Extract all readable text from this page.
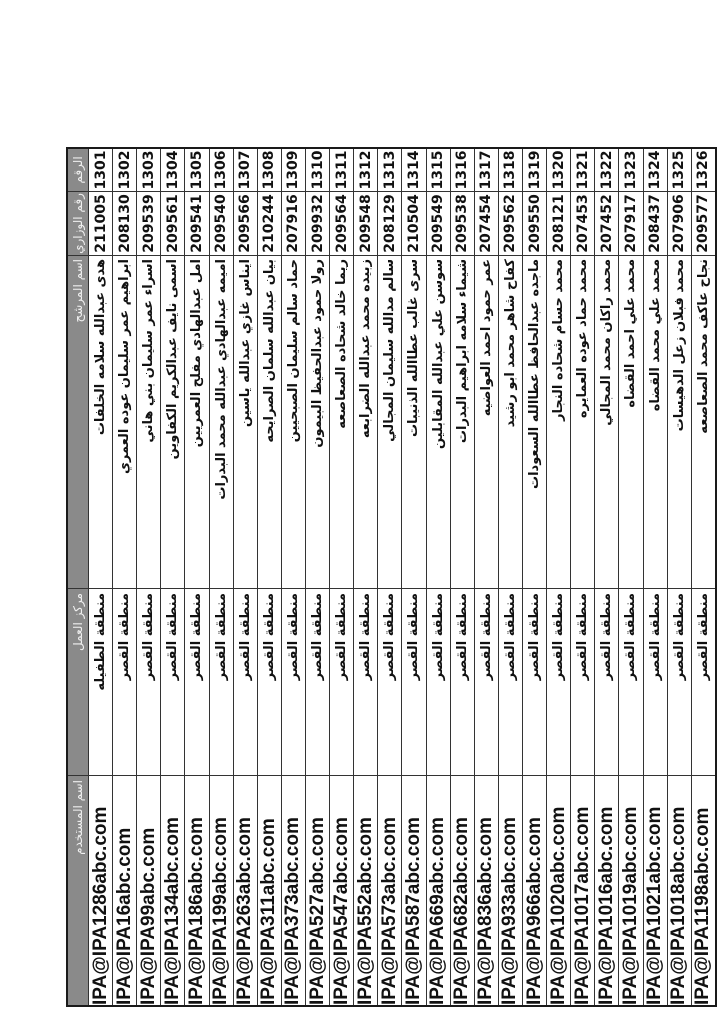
الرقم
رقم الوزاري
اسم المرشح
مركز العمل
اسم المستخدم
1301
211005
هدى عبدالله سلامه الخلفات
منطقة الطفيله
IPA@IPA1286abc.com
1302
208130
ابراهيم عمر سليمان عوده العمري
منطقة القصر
IPA@IPA16abc.com
1303
209539
اسراء عمر سليمان بني هاني
منطقة القصر
IPA@IPA99abc.com
1304
209561
اسمى نايف عبدالكريم الكفاوين
منطقة القصر
IPA@IPA134abc.com
1305
209541
امل عبدالهادي مفلح العمريين
منطقة القصر
IPA@IPA186abc.com
1306
209540
اميمه عبدالهادي عبدالله محمد البدرات
منطقة القصر
IPA@IPA199abc.com
1307
209566
ايناس غازي عبدالله ياسين
منطقة القصر
IPA@IPA263abc.com
1308
210244
بيان عبدالله سلمان الصرايحه
منطقة القصر
IPA@IPA311abc.com
1309
207916
حماد سالم سليمان الصبحيين
منطقة القصر
IPA@IPA373abc.com
1310
209932
رولا حمود عبدالحفيظ البيمون
منطقة القصر
IPA@IPA527abc.com
1311
209564
ريما خالد شحاده الصعاصعه
منطقة القصر
IPA@IPA547abc.com
1312
209548
زبيده محمد عبدالله الضرابعه
منطقة القصر
IPA@IPA552abc.com
1313
208129
سالم مدالله سليمان المجالي
منطقة القصر
IPA@IPA573abc.com
1314
210504
سرى غالب عطاالله الذنيبات
منطقة القصر
IPA@IPA587abc.com
1315
209549
سوسن علي عبدالله المقابلين
منطقة القصر
IPA@IPA669abc.com
1316
209538
شيماء سلامه ابراهيم البدرات
منطقة القصر
IPA@IPA682abc.com
1317
207454
عمر حمود احمد العواضيه
منطقة القصر
IPA@IPA836abc.com
1318
209562
كفاح شاهر محمد ابو رشيد
منطقة القصر
IPA@IPA933abc.com
1319
209550
ماجده عبدالحافظ عطاالله السعودات
منطقة القصر
IPA@IPA966abc.com
1320
208121
محمد حسام شحاده النجار
منطقة القصر
IPA@IPA1020abc.com
1321
207453
محمد حماد عوده العمايره
منطقة القصر
IPA@IPA1017abc.com
1322
207452
محمد راكان محمد المجالي
منطقة القصر
IPA@IPA1016abc.com
1323
207917
محمد علي احمد القضاه
منطقة القصر
IPA@IPA1019abc.com
1324
208437
محمد علي محمد القضاه
منطقة القصر
IPA@IPA1021abc.com
1325
207906
محمد فبلان زعل الدهيسات
منطقة القصر
IPA@IPA1018abc.com
1326
209577
نجاح عاكف محمد الصعاصعه
منطقة القصر
IPA@IPA1198abc.com
